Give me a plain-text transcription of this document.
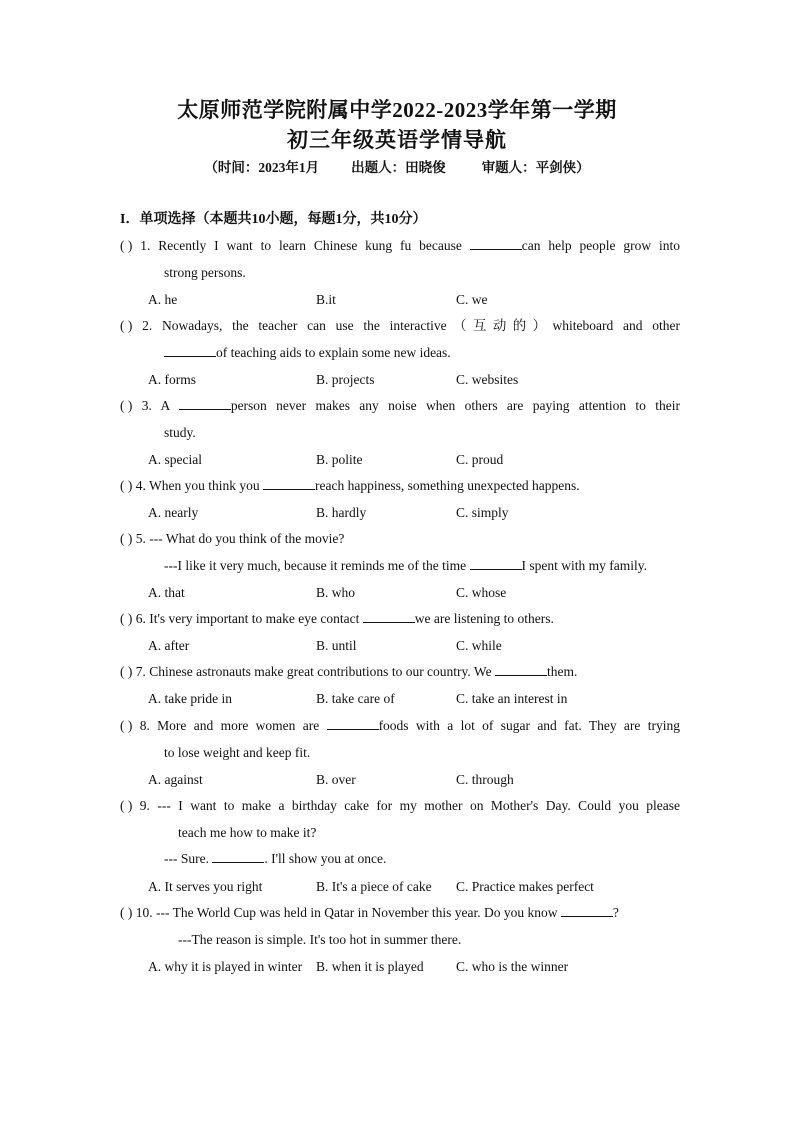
太原师范学院附属中学2022-2023学年第一学期
初三年级英语学情导航
（时间：2023年1月 出题人：田晓俊	审题人：平剑侠）
I．单项选择（本题共10小题，每题1分，共10分）
( ) 1. Recently I want to learn Chinese kung fu because	can help people grow into
strong persons.
A. he	B.it	C. we
( ) 2. Nowadays, the teacher can use the interactive（互动的）whiteboard and other
of teaching aids to explain some new ideas.
A. forms	B. projects	C. websites
( ) 3. A	person never makes any noise when others are paying attention to their
study.
A. special	B. polite	C. proud
( ) 4. When you think you	reach happiness, something unexpected happens.
A. nearly	B. hardly	C. simply
( ) 5. --- What do you think of the movie?
---I like it very much, because it reminds me of the time	I spent with my family.
A. that	B. who	C. whose
( ) 6. It's very important to make eye contact	we are listening to others.
A. after	B. until	C. while
( ) 7. Chinese astronauts make great contributions to our country. We	them.
A. take pride in	B. take care of	C. take an interest in
( ) 8. More and more women are	foods with a lot of sugar and fat. They are trying
to lose weight and keep fit.
A. against	B. over	C. through
( ) 9. --- I want to make a birthday cake for my mother on Mother's Day. Could you please
teach me how to make it?
--- Sure.	. I'll show you at once.
A. It serves you right	B. It's a piece of cake C. Practice makes perfect
( ) 10. --- The World Cup was held in Qatar in November this year. Do you know	?
---The reason is simple. It's too hot in summer there.
A. why it is played in winter B. when it is played C. who is the winner
